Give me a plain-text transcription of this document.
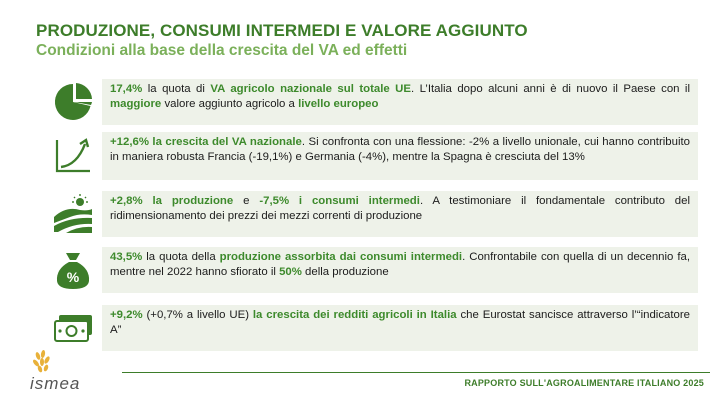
PRODUZIONE, CONSUMI INTERMEDI E VALORE AGGIUNTO
Condizioni alla base della crescita del VA ed effetti
17,4% la quota di VA agricolo nazionale sul totale UE. L’Italia dopo alcuni anni è di nuovo il Paese con il maggiore valore aggiunto agricolo a livello europeo
+12,6% la crescita del VA nazionale. Si confronta con una flessione: -2% a livello unionale, cui hanno contribuito in maniera robusta Francia (-19,1%) e Germania (-4%), mentre la Spagna è cresciuta del 13%
+2,8% la produzione e -7,5% i consumi intermedi. A testimoniare il fondamentale contributo del ridimensionamento dei prezzi dei mezzi correnti di produzione
%
43,5% la quota della produzione assorbita dai consumi intermedi. Confrontabile con quella di un decennio fa, mentre nel 2022 hanno sfiorato il 50% della produzione
+9,2% (+0,7% a livello UE) la crescita dei redditi agricoli in Italia che Eurostat sancisce attraverso l’“indicatore A”
ismea	RAPPORTO SULL'AGROALIMENTARE ITALIANO 2025
